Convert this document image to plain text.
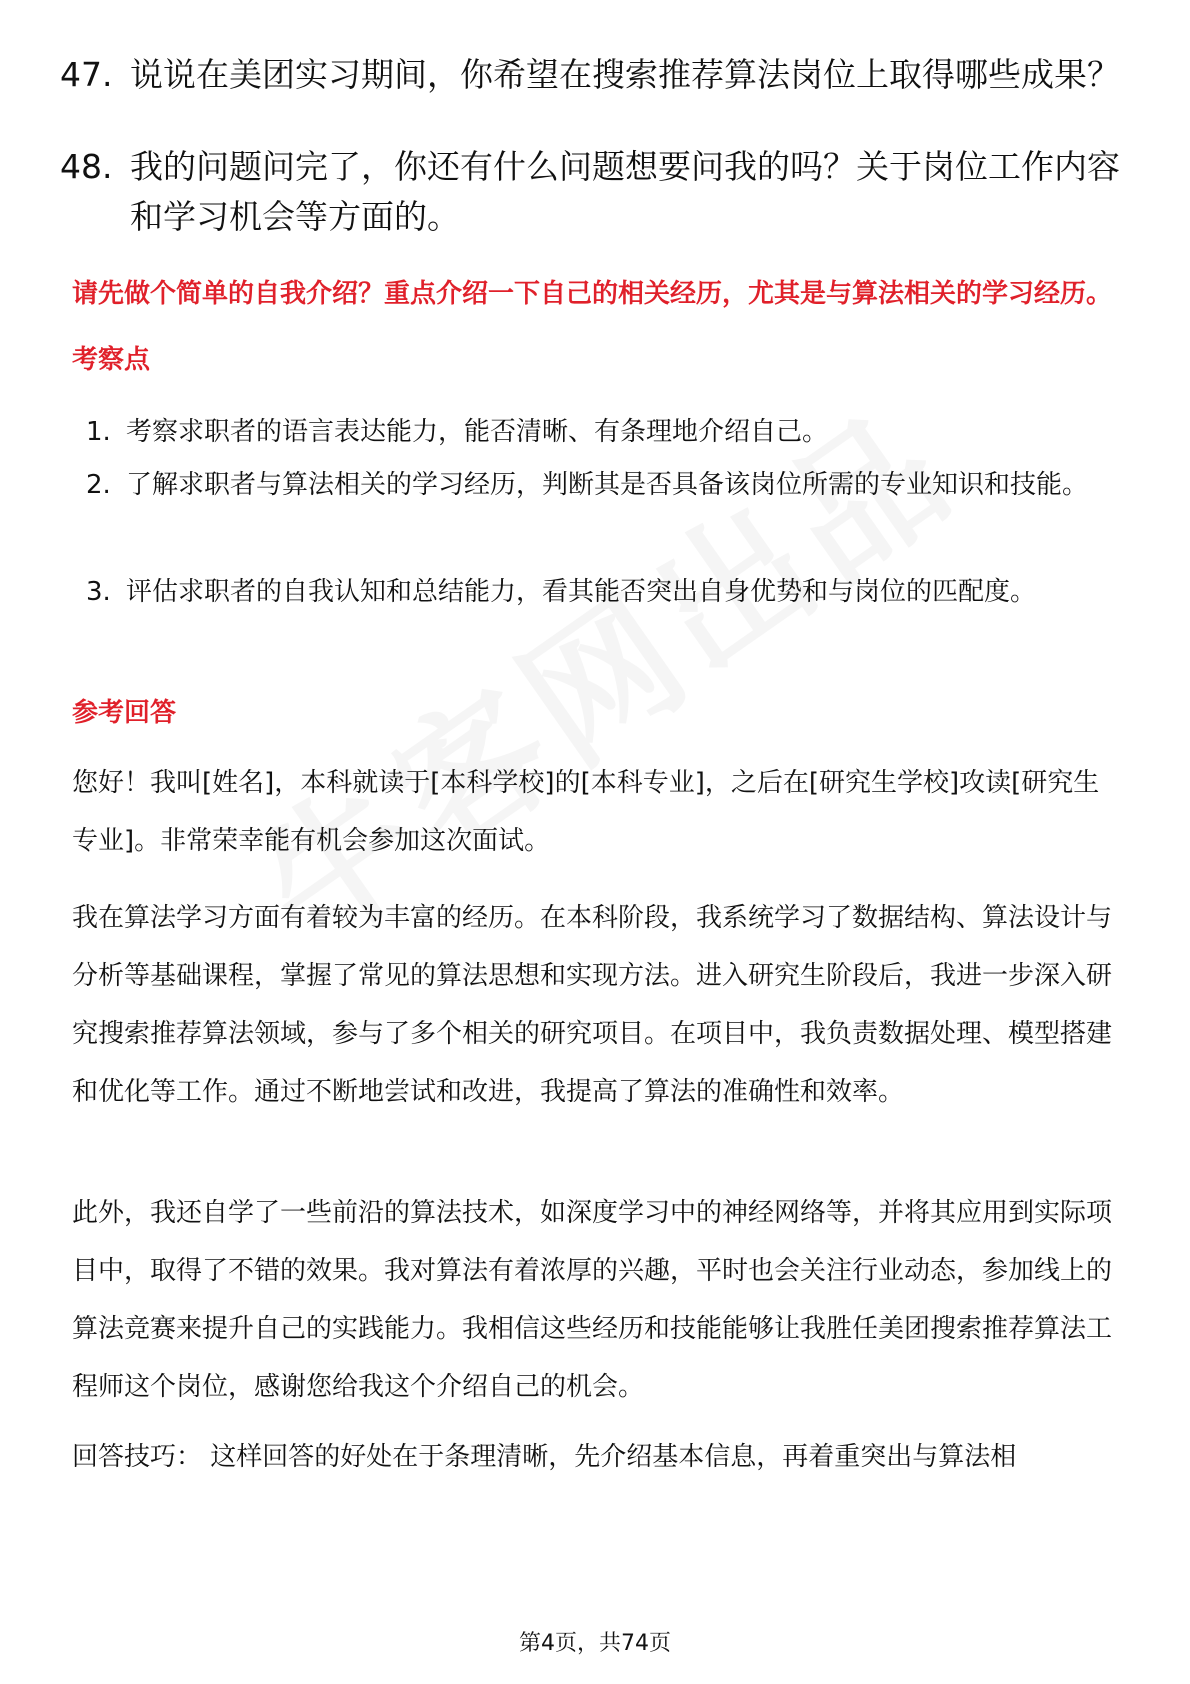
47. 说说在美团实习期间，你希望在搜索推荐算法岗位上取得哪些成果？
48. 我的问题问完了，你还有什么问题想要问我的吗？关于岗位工作内容和学习机会等方面的。
请先做个简单的自我介绍？重点介绍一下自己的相关经历，尤其是与算法相关的学习经历。
考察点
1. 考察求职者的语言表达能力，能否清晰、有条理地介绍自己。
2. 了解求职者与算法相关的学习经历，判断其是否具备该岗位所需的专业知识和技能。
3. 评估求职者的自我认知和总结能力，看其能否突出自身优势和与岗位的匹配度。
参考回答
您好！我叫[姓名]，本科就读于[本科学校]的[本科专业]，之后在[研究生学校]攻读[研究生专业]。非常荣幸能有机会参加这次面试。
我在算法学习方面有着较为丰富的经历。在本科阶段，我系统学习了数据结构、算法设计与分析等基础课程，掌握了常见的算法思想和实现方法。进入研究生阶段后，我进一步深入研究搜索推荐算法领域，参与了多个相关的研究项目。在项目中，我负责数据处理、模型搭建和优化等工作。通过不断地尝试和改进，我提高了算法的准确性和效率。
此外，我还自学了一些前沿的算法技术，如深度学习中的神经网络等，并将其应用到实际项目中，取得了不错的效果。我对算法有着浓厚的兴趣，平时也会关注行业动态，参加线上的算法竞赛来提升自己的实践能力。我相信这些经历和技能能够让我胜任美团搜索推荐算法工程师这个岗位，感谢您给我这个介绍自己的机会。
回答技巧： 这样回答的好处在于条理清晰，先介绍基本信息，再着重突出与算法相
第4页，共74页
